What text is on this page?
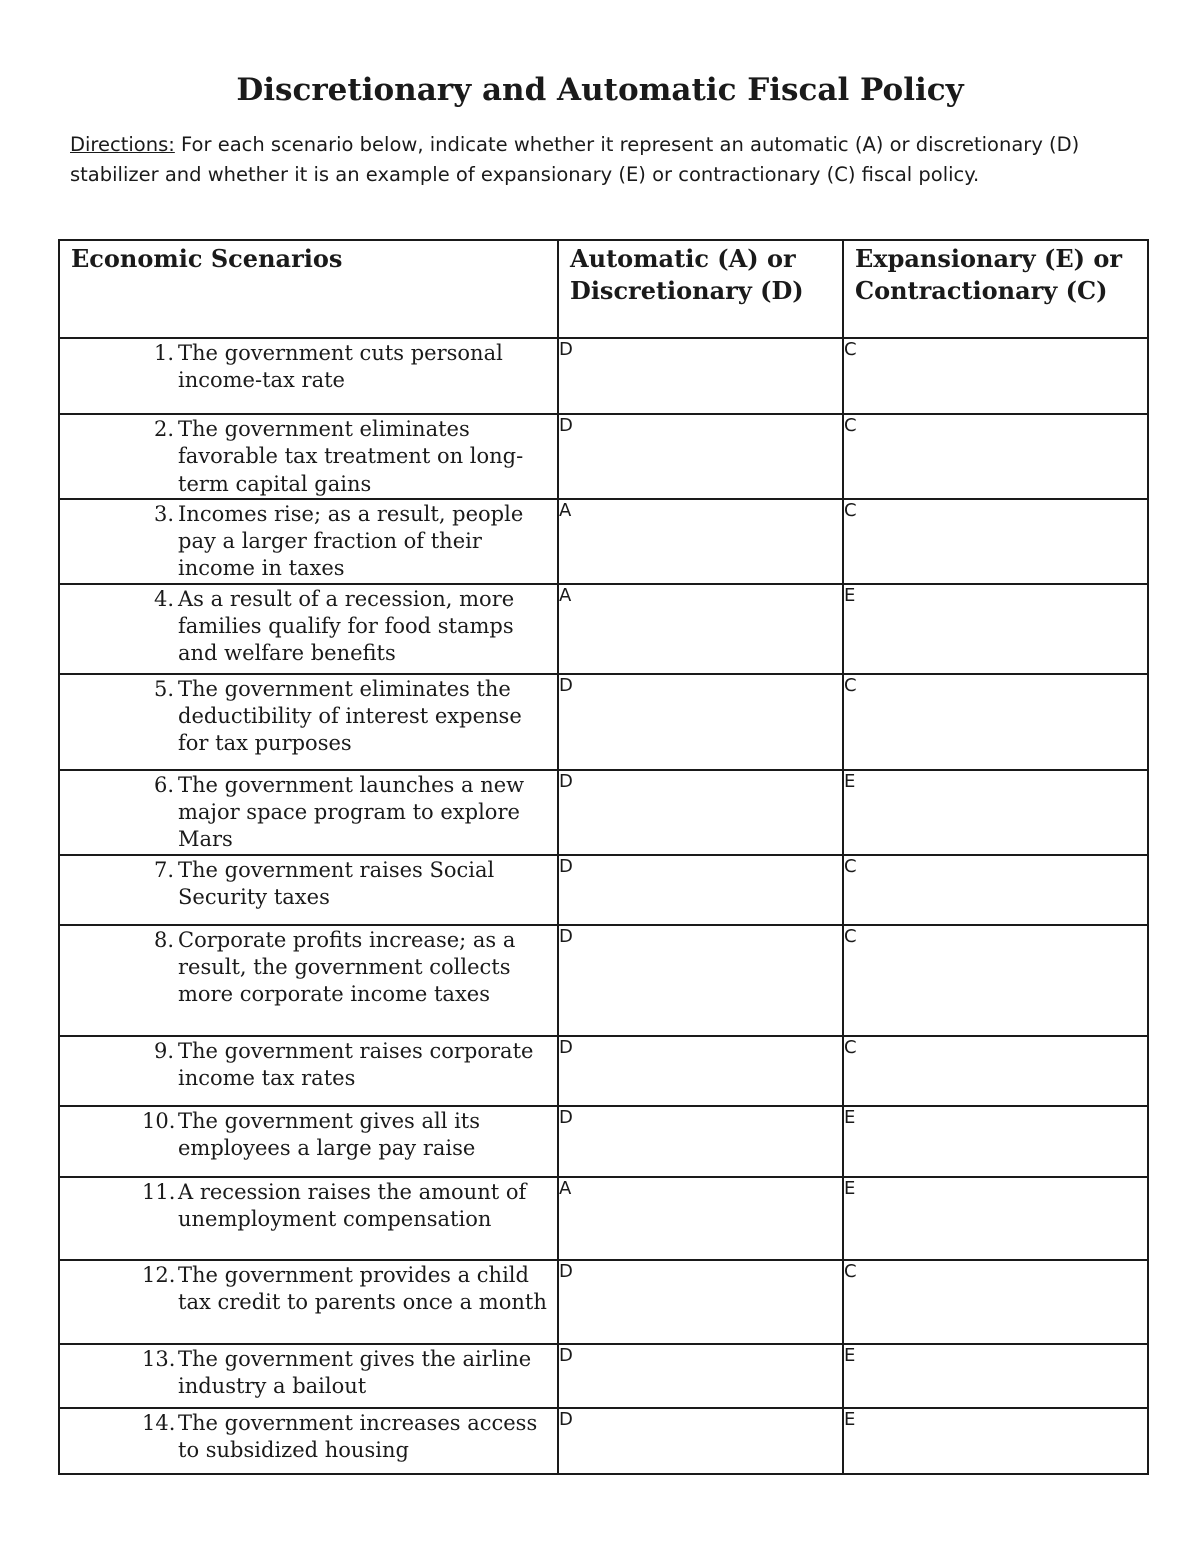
Discretionary and Automatic Fiscal Policy
Directions: For each scenario below, indicate whether it represent an automatic (A) or discretionary (D) stabilizer and whether it is an example of expansionary (E) or contractionary (C) fiscal policy.
Economic Scenarios	Automatic (A) or Discretionary (D)	Expansionary (E) or Contractionary (C)

1. The government cuts personal income-tax rate	D	C

2. The government eliminates favorable tax treatment on long-term capital gains	D	C

3. Incomes rise; as a result, people pay a larger fraction of their income in taxes	A	C

4. As a result of a recession, more families qualify for food stamps and welfare benefits	A	E

5. The government eliminates the deductibility of interest expense for tax purposes	D	C

6. The government launches a new major space program to explore Mars	D	E

7. The government raises Social Security taxes	D	C

8. Corporate profits increase; as a result, the government collects more corporate income taxes	D	C

9. The government raises corporate income tax rates	D	C

10. The government gives all its employees a large pay raise	D	E

11. A recession raises the amount of unemployment compensation	A	E

12. The government provides a child tax credit to parents once a month	D	C

13. The government gives the airline industry a bailout	D	E

14. The government increases access to subsidized housing	D	E
